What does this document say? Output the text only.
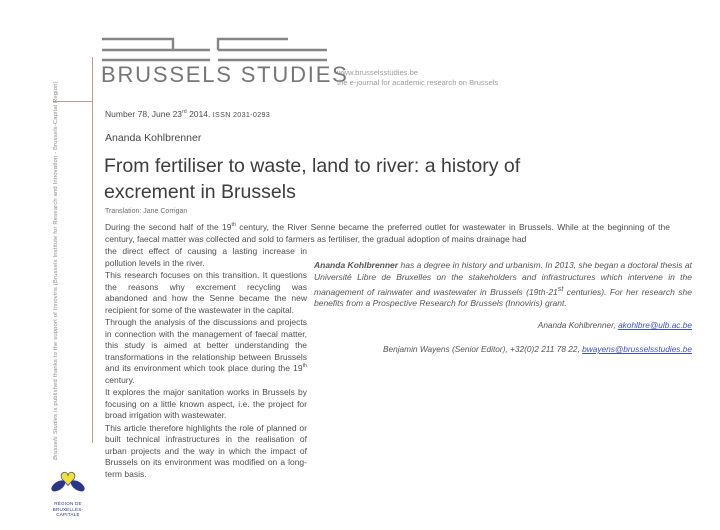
BRUSSELS STUDIES
www.brusselsstudies.be
the e-journal for academic research on Brussels
Brussels Studies is published thanks to the support of Innoviris (Brussels Institute for Research and Innovation - Brussels-Capital Region)
RÉGION DE
BRUXELLES-
CAPITALE
Number 78, June 23rd 2014. ISSN 2031-0293
Ananda Kohlbrenner
From fertiliser to waste, land to river: a history of excrement in Brussels
Translation: Jane Corrigan

During the second half of the 19th century, the River Senne became the preferred outlet for wastewater in Brussels. While at the beginning of the century, faecal matter was collected and sold to farmers as fertiliser, the gradual adoption of mains drainage had

the direct effect of causing a lasting increase in pollution levels in the river.

This research focuses on this transition. It questions the reasons why excrement recycling was abandoned and how the Senne became the new recipient for some of the wastewater in the capital.

Through the analysis of the discussions and projects in connection with the management of faecal matter, this study is aimed at better understanding the transformations in the relationship between Brussels and its environment which took place during the 19th century.

It explores the major sanitation works in Brussels by focusing on a little known aspect, i.e. the project for broad irrigation with wastewater.

This article therefore highlights the role of planned or built technical infrastructures in the realisation of urban projects and the way in which the impact of Brussels on its environment was modified on a long-term basis.

Ananda Kohlbrenner has a degree in history and urbanism. In 2013, she began a doctoral thesis at Université Libre de Bruxelles on the stakeholders and infrastructures which intervene in the management of rainwater and wastewater in Brussels (19th-21st centuries). For her research she benefits from a Prospective Research for Brussels (Innoviris) grant.
Ananda Kohlbrenner, akohlbre@ulb.ac.be
Benjamin Wayens (Senior Editor), +32(0)2 211 78 22, bwayens@brusselsstudies.be
